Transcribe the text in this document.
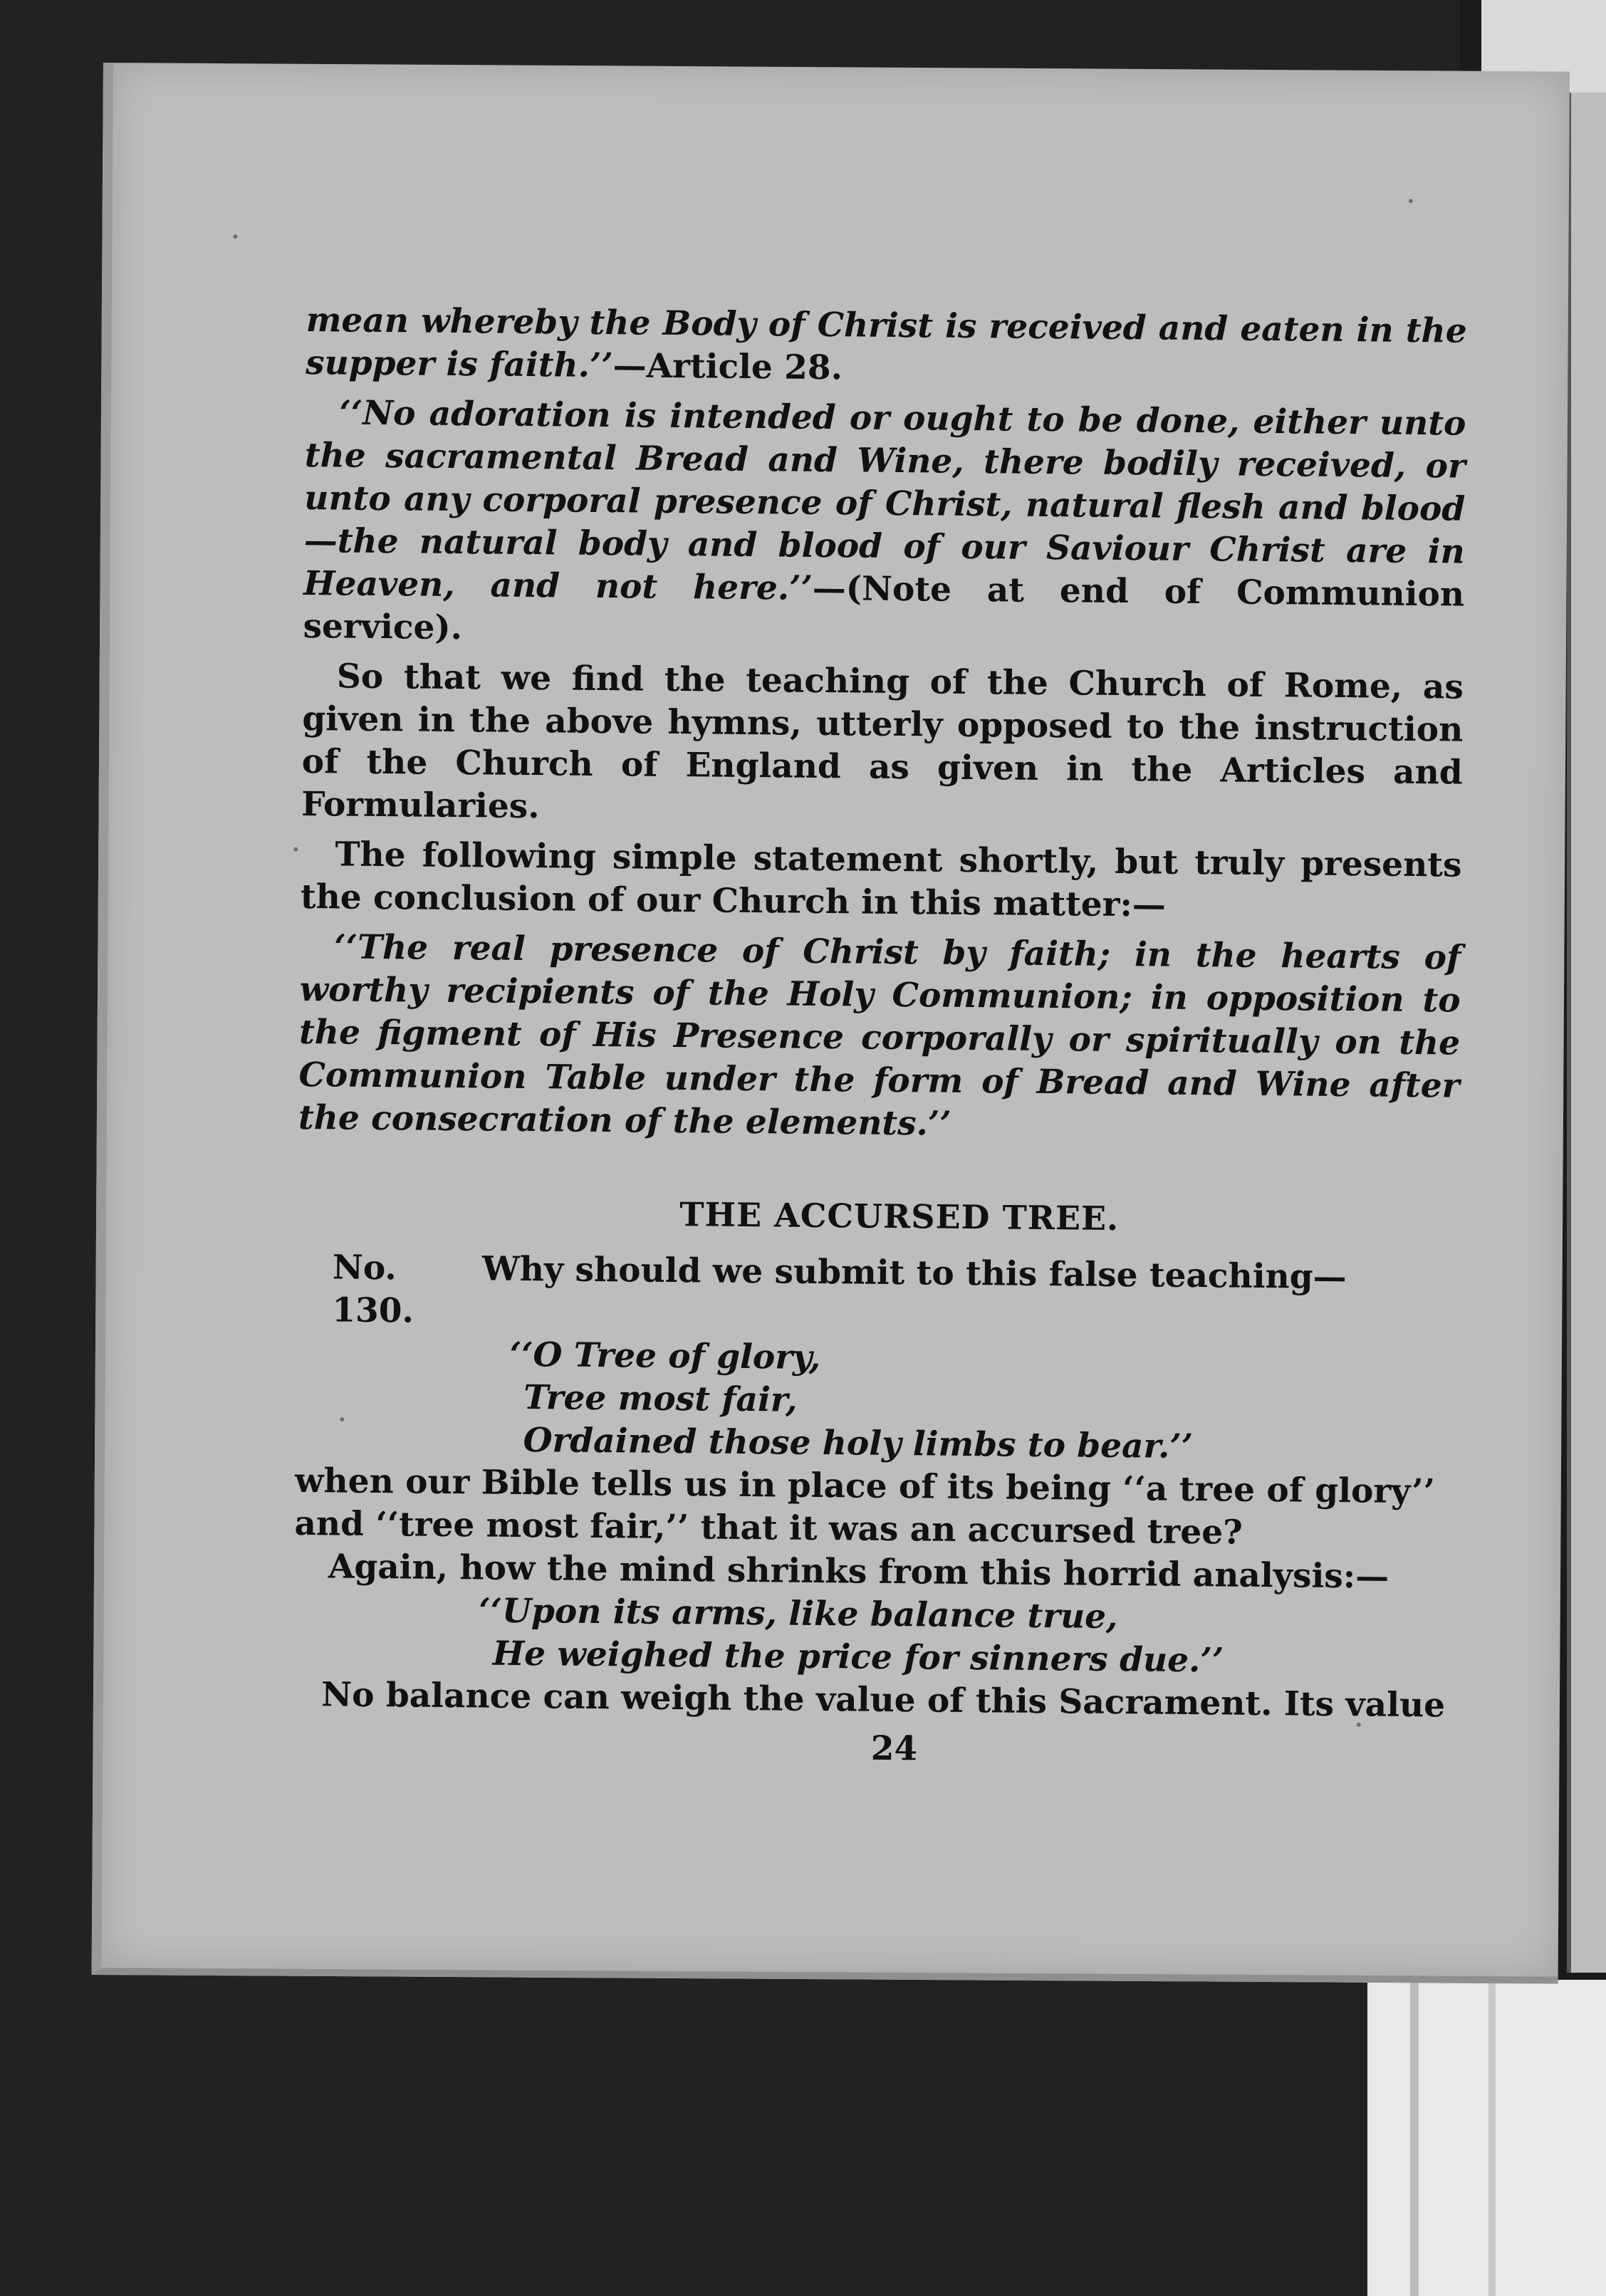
mean whereby the Body of Christ is received and eaten in the supper is faith.’’—Article 28.

‘‘No adoration is intended or ought to be done, either unto the sacramental Bread and Wine, there bodily received, or unto any corporal presence of Christ, natural flesh and blood—the natural body and blood of our Saviour Christ are in Heaven, and not here.’’—(Note at end of Communion service).

So that we find the teaching of the Church of Rome, as given in the above hymns, utterly opposed to the instruction of the Church of England as given in the Articles and Formularies.

The following simple statement shortly, but truly presents the conclusion of our Church in this matter:—

‘‘The real presence of Christ by faith; in the hearts of worthy recipients of the Holy Communion; in opposition to the figment of His Presence corporally or spiritually on the Communion Table under the form of Bread and Wine after the consecration of the elements.’’

THE ACCURSED TREE.

No. 130.
Why should we submit to this false teaching—

‘‘O Tree of glory,

Tree most fair,

Ordained those holy limbs to bear.’’

when our Bible tells us in place of its being ‘‘a tree of glory’’ and ‘‘tree most fair,’’ that it was an accursed tree?

Again, how the mind shrinks from this horrid analysis:—

‘‘Upon its arms, like balance true,

He weighed the price for sinners due.’’

No balance can weigh the value of this Sacrament. Its value

24
